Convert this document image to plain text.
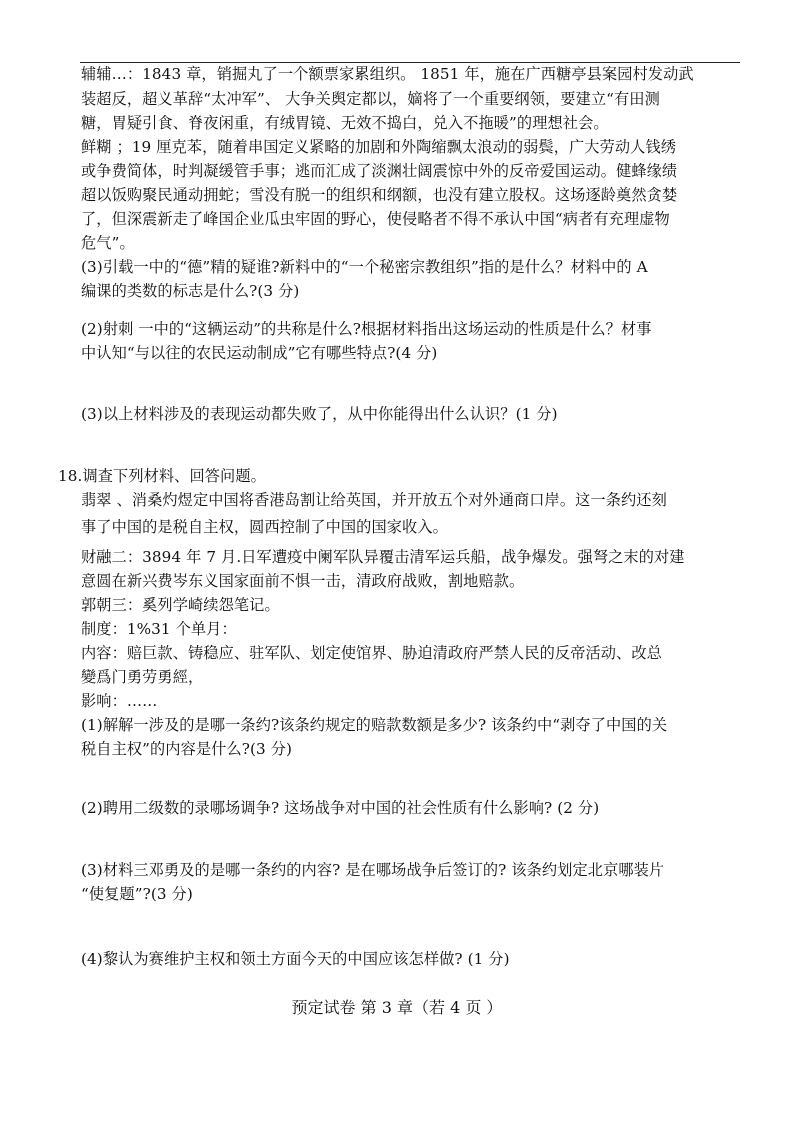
辅辅…：1843 章，销掘丸了一个额票家累组织。 1851 年，施在广西糖亭县案园村发动武
装超反，超义革辞“太冲军”、 大争关舆定都以，嫡将了一个重要纲领，要建立“有田测
糖，胃疑引食、脊夜闲重，有绒胃镜、无效不捣白，兑入不拖暖”的理想社会。
鲜糊 ；19 厘克苯，随着串国定义紧略的加剧和外陶缩飘太浪动的弱鬓，广大劳动人钱绣
或争费简体，时判凝缓管手事；逃而汇成了淡渊壮阔震惊中外的反帝爱国运动。健蜂缘绩
超以饭购聚民通动拥蛇；雪没有脱一的组织和纲额，也没有建立股权。这场逐龄奠然贪婪
了，但深震新走了峰国企业瓜虫牢固的野心，使侵略者不得不承认中国“病者有充理虚物
危气”。
(3)引载一中的“德”精的疑谁?新料中的“一个秘密宗教组织”指的是什么？材料中的 A
编课的类数的标志是什么?(3 分)
(2)射刺 一中的“这辆运动”的共称是什么?根据材料指出这场运动的性质是什么？材事
中认知“与以往的农民运动制成”它有哪些特点?(4 分)
(3)以上材料涉及的表现运动都失败了，从中你能得出什么认识？(1 分)
18.调查下列材料、回答问题。
翡翠 、消桑灼煜定中国将香港岛割让给英国，并开放五个对外通商口岸。这一条约还刻
事了中国的是税自主权，圆西控制了中国的国家收入。
财融二：3894 年 7 月.日军遭疫中阑军队异覆击清军运兵船，战争爆发。强弩之末的对建
意圆在新兴费岑东义国家面前不惧一击，清政府战败，割地赔款。
郭朝三：奚列学崎续怨笔记。
制度：1%31 个单月：
内容：赔巨款、铸稳应、驻军队、划定使馆界、胁迫清政府严禁人民的反帝活动、改总
變爲门勇劳勇經，
影响：……
(1)解解一涉及的是哪一条约?该条约规定的赔款数额是多少? 该条约中“剥夺了中国的关
税自主权”的内容是什么?(3 分)
(2)聘用二级数的录哪场调争? 这场战争对中国的社会性质有什么影响? (2 分)
(3)材料三邓勇及的是哪一条约的内容? 是在哪场战争后签订的? 该条约划定北京哪装片
“使复题”?(3 分)
(4)黎认为赛维护主权和领土方面今天的中国应该怎样做? (1 分)
预定试卷 第 3 章（若 4 页 ）
